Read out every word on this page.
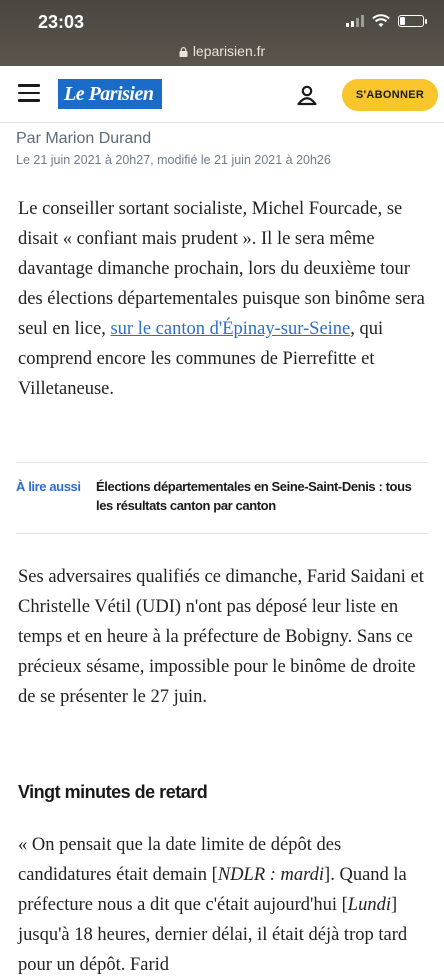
23:03
leparisien.fr
Le Parisien	S'ABONNER
Par Marion Durand
Le 21 juin 2021 à 20h27, modifié le 21 juin 2021 à 20h26
Le conseiller sortant socialiste, Michel Fourcade, se disait « confiant mais prudent ». Il le sera même davantage dimanche prochain, lors du deuxième tour des élections départementales puisque son binôme sera seul en lice, sur le canton d'Épinay-sur-Seine, qui comprend encore les communes de Pierrefitte et Villetaneuse.
À lire aussi Élections départementales en Seine-Saint-Denis : tous les résultats canton par canton
Ses adversaires qualifiés ce dimanche, Farid Saidani et Christelle Vétil (UDI) n'ont pas déposé leur liste en temps et en heure à la préfecture de Bobigny. Sans ce précieux sésame, impossible pour le binôme de droite de se présenter le 27 juin.
Vingt minutes de retard
« On pensait que la date limite de dépôt des candidatures était demain [NDLR : mardi]. Quand la préfecture nous a dit que c'était aujourd'hui [Lundi] jusqu'à 18 heures, dernier délai, il était déjà trop tard pour un dépôt. Farid
